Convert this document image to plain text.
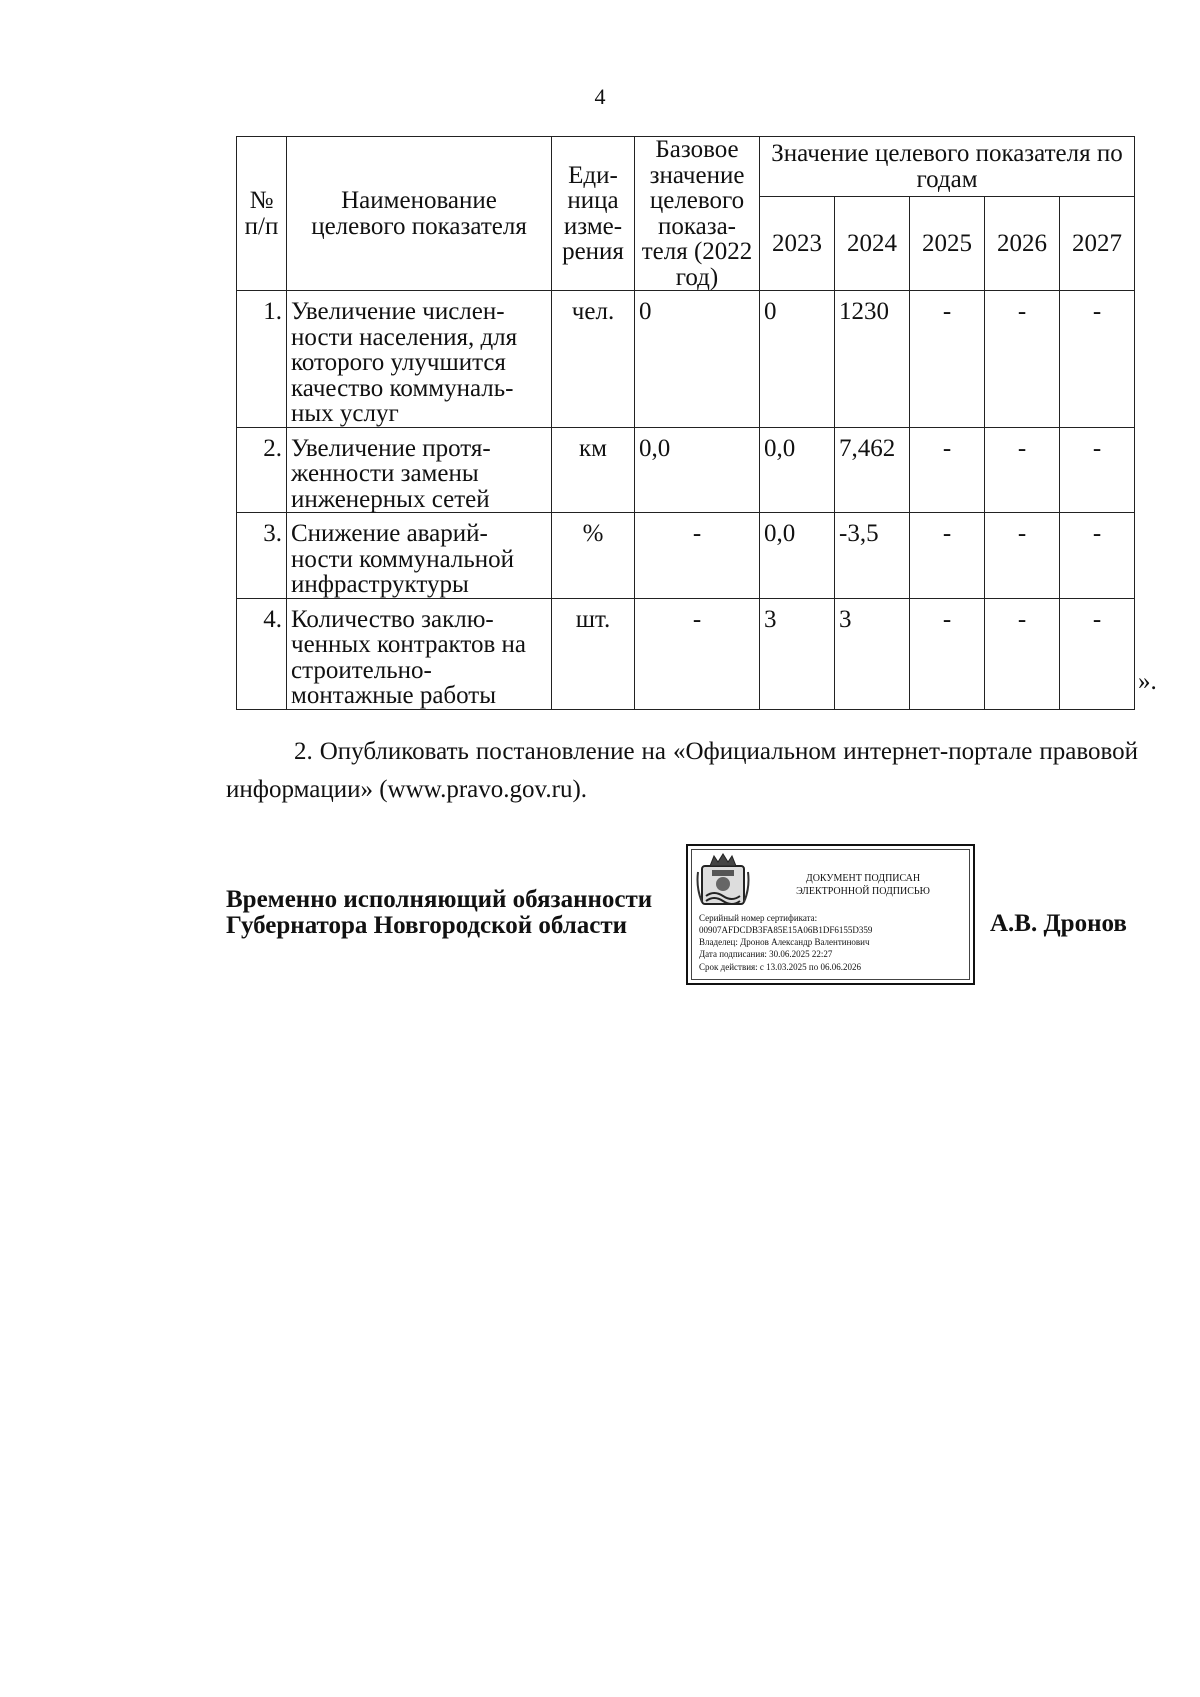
4
№ п/п	Наименование целевого показателя	Еди- ница изме- рения	Базовое значение целевого показа- теля (2022 год)	Значение целевого показателя по годам				
				2023	2024	2025	2026	2027
1.	Увеличение числен- ности населения, для которого улучшится качество коммуналь- ных услуг	чел.	0	0	1230	-	-	-
2.	Увеличение протя- женности замены инженерных сетей	км	0,0	0,0	7,462	-	-	-
3.	Снижение аварий- ности коммунальной инфраструктуры	%	-	0,0	-3,5	-	-	-
4.	Количество заклю- ченных контрактов на строительно- монтажные работы	шт.	-	3	3	-	-	-
».

2. Опубликовать постановление на «Официальном интернет-портале правовой информации» (www.pravo.gov.ru).

Временно исполняющий обязанности
Губернатора Новгородской области
ДОКУМЕНТ ПОДПИСАН
ЭЛЕКТРОННОЙ ПОДПИСЬЮ
Серийный номер сертификата:
00907AFDCDB3FA85E15A06B1DF6155D359
Владелец: Дронов Александр Валентинович
Дата подписания: 30.06.2025 22:27
Срок действия: с 13.03.2025 по 06.06.2026
А.В. Дронов
